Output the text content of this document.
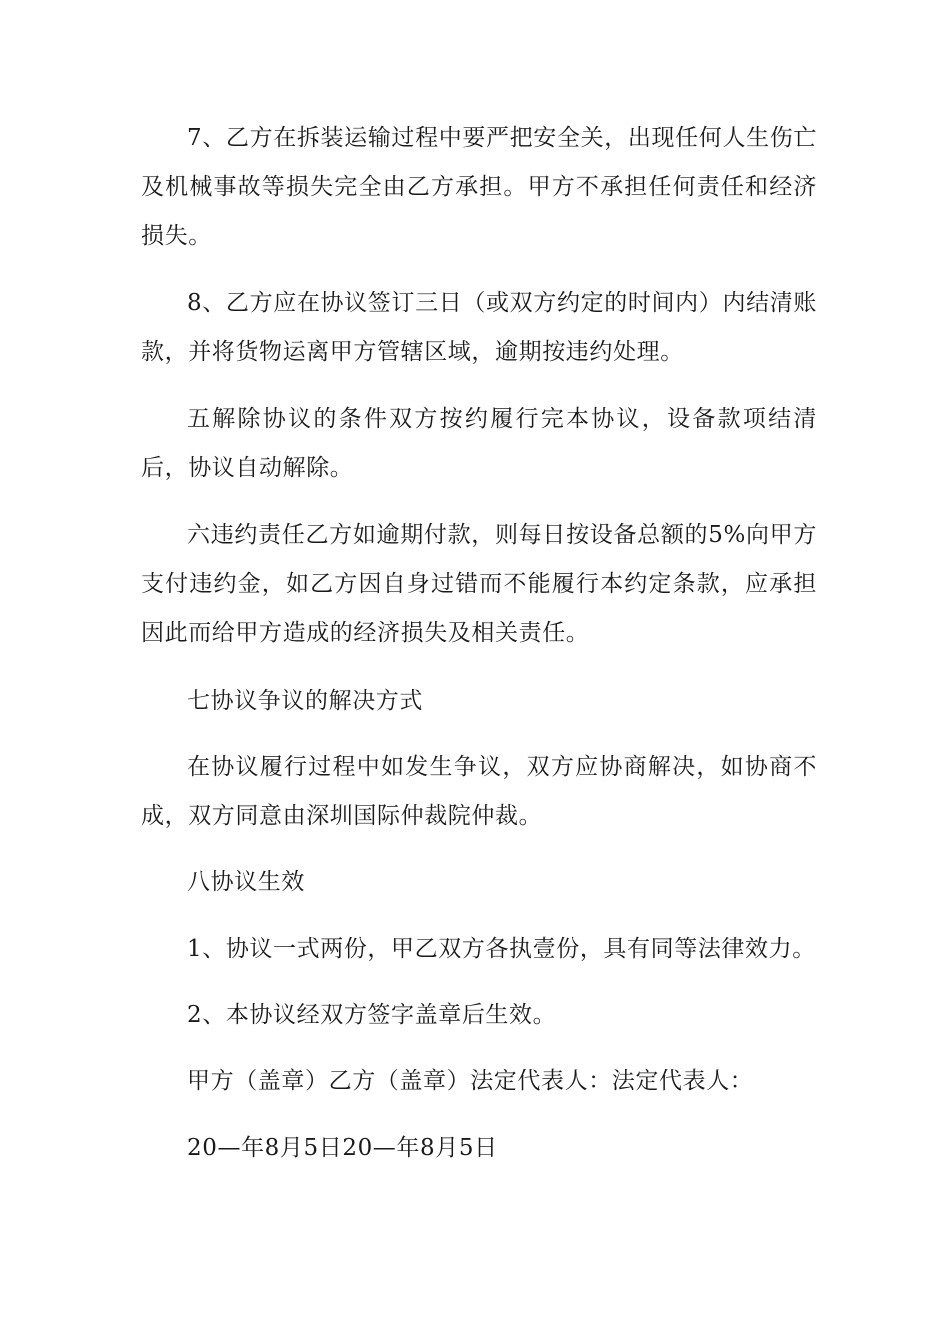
7、乙方在拆装运输过程中要严把安全关，出现任何人生伤亡及机械事故等损失完全由乙方承担。甲方不承担任何责任和经济损失。

8、乙方应在协议签订三日（或双方约定的时间内）内结清账款，并将货物运离甲方管辖区域，逾期按违约处理。

五解除协议的条件双方按约履行完本协议，设备款项结清后，协议自动解除。

六违约责任乙方如逾期付款，则每日按设备总额的5%向甲方支付违约金，如乙方因自身过错而不能履行本约定条款，应承担因此而给甲方造成的经济损失及相关责任。

七协议争议的解决方式

在协议履行过程中如发生争议，双方应协商解决，如协商不成，双方同意由深圳国际仲裁院仲裁。

八协议生效

1、协议一式两份，甲乙双方各执壹份，具有同等法律效力。

2、本协议经双方签字盖章后生效。

甲方（盖章）乙方（盖章）法定代表人：法定代表人：

20—年8月5日20—年8月5日
